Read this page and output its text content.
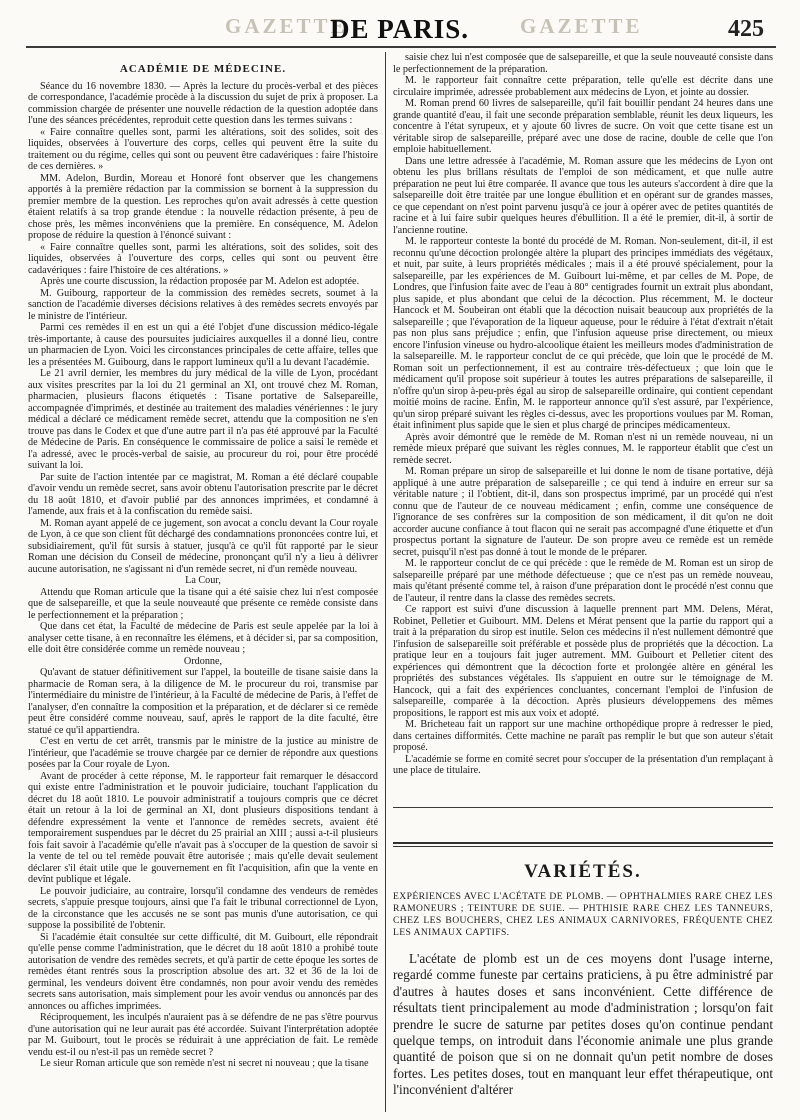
GAZETTE
DE PARIS. GAZETTE	425
ACADÉMIE DE MÉDECINE.

Séance du 16 novembre 1830. — Après la lecture du procès-verbal et des pièces de correspondance, l'académie procède à la discussion du sujet de prix à proposer. La commission chargée de présenter une nouvelle rédaction de la question adoptée dans l'une des séances précédentes, reproduit cette question dans les termes suivans :

« Faire connaître quelles sont, parmi les altérations, soit des solides, soit des liquides, observées à l'ouverture des corps, celles qui peuvent être la suite du traitement ou du régime, celles qui sont ou peuvent être cadavériques : faire l'histoire de ces dernières. »

MM. Adelon, Burdin, Moreau et Honoré font observer que les changemens apportés à la première rédaction par la commission se bornent à la suppression du premier membre de la question. Les reproches qu'on avait adressés à cette question étaient relatifs à sa trop grande étendue : la nouvelle rédaction présente, à peu de chose près, les mêmes inconvéniens que la première. En conséquence, M. Adelon propose de réduire la question à l'énoncé suivant :

« Faire connaître quelles sont, parmi les altérations, soit des solides, soit des liquides, observées à l'ouverture des corps, celles qui sont ou peuvent être cadavériques : faire l'histoire de ces altérations. »

Après une courte discussion, la rédaction proposée par M. Adelon est adoptée.

M. Guibourg, rapporteur de la commission des remèdes secrets, soumet à la sanction de l'académie diverses décisions relatives à des remèdes secrets envoyés par le ministre de l'intérieur.

Parmi ces remèdes il en est un qui a été l'objet d'une discussion médico-légale très-importante, à cause des poursuites judiciaires auxquelles il a donné lieu, contre un pharmacien de Lyon. Voici les circonstances principales de cette affaire, telles que les a présentées M. Guibourg, dans le rapport lumineux qu'il a lu devant l'académie.

Le 21 avril dernier, les membres du jury médical de la ville de Lyon, procédant aux visites prescrites par la loi du 21 germinal an XI, ont trouvé chez M. Roman, pharmacien, plusieurs flacons étiquetés : Tisane portative de Salsepareille, accompagnée d'imprimés, et destinée au traitement des maladies vénériennes : le jury médical a déclaré ce médicament remède secret, attendu que la composition ne s'en trouve pas dans le Codex et que d'une autre part il n'a pas été approuvé par la Faculté de Médecine de Paris. En conséquence le commissaire de police a saisi le remède et l'a adressé, avec le procès-verbal de saisie, au procureur du roi, pour être procédé suivant la loi.

Par suite de l'action intentée par ce magistrat, M. Roman a été déclaré coupable d'avoir vendu un remède secret, sans avoir obtenu l'autorisation prescrite par le décret du 18 août 1810, et d'avoir publié par des annonces imprimées, et condamné à l'amende, aux frais et à la confiscation du remède saisi.

M. Roman ayant appelé de ce jugement, son avocat a conclu devant la Cour royale de Lyon, à ce que son client fût déchargé des condamnations prononcées contre lui, et subsidiairement, qu'il fût sursis à statuer, jusqu'à ce qu'il fût rapporté par le sieur Roman une décision du Conseil de médecine, prononçant qu'il n'y a lieu à délivrer aucune autorisation, ne s'agissant ni d'un remède secret, ni d'un remède nouveau.

La Cour,

Attendu que Roman articule que la tisane qui a été saisie chez lui n'est composée que de salsepareille, et que la seule nouveauté que présente ce remède consiste dans le perfectionnement et la préparation ;

Que dans cet état, la Faculté de médecine de Paris est seule appelée par la loi à analyser cette tisane, à en reconnaître les élémens, et à décider si, par sa composition, elle doit être considérée comme un remède nouveau ;

Ordonne,

Qu'avant de statuer définitivement sur l'appel, la bouteille de tisane saisie dans la pharmacie de Roman sera, à la diligence de M. le procureur du roi, transmise par l'intermédiaire du ministre de l'intérieur, à la Faculté de médecine de Paris, à l'effet de l'analyser, d'en connaître la composition et la préparation, et de déclarer si ce remède peut être considéré comme nouveau, sauf, après le rapport de la dite faculté, être statué ce qu'il appartiendra.

C'est en vertu de cet arrêt, transmis par le ministre de la justice au ministre de l'intérieur, que l'académie se trouve chargée par ce dernier de répondre aux questions posées par la Cour royale de Lyon.

Avant de procéder à cette réponse, M. le rapporteur fait remarquer le désaccord qui existe entre l'administration et le pouvoir judiciaire, touchant l'application du décret du 18 août 1810. Le pouvoir administratif a toujours compris que ce décret était un retour à la loi de germinal an XI, dont plusieurs dispositions tendant à défendre expressément la vente et l'annonce de remèdes secrets, avaient été temporairement suspendues par le décret du 25 prairial an XIII ; aussi a-t-il plusieurs fois fait savoir à l'académie qu'elle n'avait pas à s'occuper de la question de savoir si la vente de tel ou tel remède pouvait être autorisée ; mais qu'elle devait seulement déclarer s'il était utile que le gouvernement en fît l'acquisition, afin que la vente en devînt publique et légale.

Le pouvoir judiciaire, au contraire, lorsqu'il condamne des vendeurs de remèdes secrets, s'appuie presque toujours, ainsi que l'a fait le tribunal correctionnel de Lyon, de la circonstance que les accusés ne se sont pas munis d'une autorisation, ce qui suppose la possibilité de l'obtenir.

Si l'académie était consultée sur cette difficulté, dit M. Guibourt, elle répondrait qu'elle pense comme l'administration, que le décret du 18 août 1810 a prohibé toute autorisation de vendre des remèdes secrets, et qu'à partir de cette époque les sortes de remèdes étant rentrés sous la proscription absolue des art. 32 et 36 de la loi de germinal, les vendeurs doivent être condamnés, non pour avoir vendu des remèdes secrets sans autorisation, mais simplement pour les avoir vendus ou annoncés par des annonces ou affiches imprimées.

Réciproquement, les inculpés n'auraient pas à se défendre de ne pas s'être pourvus d'une autorisation qui ne leur aurait pas été accordée. Suivant l'interprétation adoptée par M. Guibourt, tout le procès se réduirait à une appréciation de fait. Le remède vendu est-il ou n'est-il pas un remède secret ?

Le sieur Roman articule que son remède n'est ni secret ni nouveau ; que la tisane

saisie chez lui n'est composée que de salsepareille, et que la seule nouveauté consiste dans le perfectionnement de la préparation.

M. le rapporteur fait connaître cette préparation, telle qu'elle est décrite dans une circulaire imprimée, adressée probablement aux médecins de Lyon, et jointe au dossier.

M. Roman prend 60 livres de salsepareille, qu'il fait bouillir pendant 24 heures dans une grande quantité d'eau, il fait une seconde préparation semblable, réunit les deux liqueurs, les concentre à l'état syrupeux, et y ajoute 60 livres de sucre. On voit que cette tisane est un véritable sirop de salsepareille, préparé avec une dose de racine, double de celle que l'on emploie habituellement.

Dans une lettre adressée à l'académie, M. Roman assure que les médecins de Lyon ont obtenu les plus brillans résultats de l'emploi de son médicament, et que nulle autre préparation ne peut lui être comparée. Il avance que tous les auteurs s'accordent à dire que la salsepareille doit être traitée par une longue ébullition et en opérant sur de grandes masses, ce que cependant on n'est point parvenu jusqu'à ce jour à opérer avec de petites quantités de racine et à lui faire subir quelques heures d'ébullition. Il a été le premier, dit-il, à sortir de l'ancienne routine.

M. le rapporteur conteste la bonté du procédé de M. Roman. Non-seulement, dit-il, il est reconnu qu'une décoction prolongée altère la plupart des principes immédiats des végétaux, et nuit, par suite, à leurs propriétés médicales ; mais il a été prouvé spécialement, pour la salsepareille, par les expériences de M. Guibourt lui-même, et par celles de M. Pope, de Londres, que l'infusion faite avec de l'eau à 80° centigrades fournit un extrait plus abondant, plus sapide, et plus abondant que celui de la décoction. Plus récemment, M. le docteur Hancock et M. Soubeiran ont établi que la décoction nuisait beaucoup aux propriétés de la salsepareille ; que l'évaporation de la liqueur aqueuse, pour le réduire à l'état d'extrait n'était pas non plus sans préjudice ; enfin, que l'infusion aqueuse prise directement, ou mieux encore l'infusion vineuse ou hydro-alcoolique étaient les meilleurs modes d'administration de la salsepareille. M. le rapporteur conclut de ce qui précède, que loin que le procédé de M. Roman soit un perfectionnement, il est au contraire très-défectueux ; que loin que le médicament qu'il propose soit supérieur à toutes les autres préparations de salsepareille, il n'offre qu'un sirop à-peu-près égal au sirop de salsepareille ordinaire, qui contient cependant moitié moins de racine. Enfin, M. le rapporteur annonce qu'il s'est assuré, par l'expérience, qu'un sirop préparé suivant les règles ci-dessus, avec les proportions voulues par M. Roman, était infiniment plus sapide que le sien et plus chargé de principes médicamenteux.

Après avoir démontré que le remède de M. Roman n'est ni un remède nouveau, ni un remède mieux préparé que suivant les règles connues, M. le rapporteur établit que c'est un remède secret.

M. Roman prépare un sirop de salsepareille et lui donne le nom de tisane portative, déjà appliqué à une autre préparation de salsepareille ; ce qui tend à induire en erreur sur sa véritable nature ; il l'obtient, dit-il, dans son prospectus imprimé, par un procédé qui n'est connu que de l'auteur de ce nouveau médicament ; enfin, comme une conséquence de l'ignorance de ses confrères sur la composition de son médicament, il dit qu'on ne doit accorder aucune confiance à tout flacon qui ne serait pas accompagné d'une étiquette et d'un prospectus portant la signature de l'auteur. De son propre aveu ce remède est un remède secret, puisqu'il n'est pas donné à tout le monde de le préparer.

M. le rapporteur conclut de ce qui précède : que le remède de M. Roman est un sirop de salsepareille préparé par une méthode défectueuse ; que ce n'est pas un remède nouveau, mais qu'étant présenté comme tel, à raison d'une préparation dont le procédé n'est connu que de l'auteur, il rentre dans la classe des remèdes secrets.

Ce rapport est suivi d'une discussion à laquelle prennent part MM. Delens, Mérat, Robinet, Pelletier et Guibourt. MM. Delens et Mérat pensent que la partie du rapport qui a trait à la préparation du sirop est inutile. Selon ces médecins il n'est nullement démontré que l'infusion de salsepareille soit préférable et possède plus de propriétés que la décoction. La pratique leur en a toujours fait juger autrement. MM. Guibourt et Pelletier citent des expériences qui démontrent que la décoction forte et prolongée altère en général les propriétés des substances végétales. Ils s'appuient en outre sur le témoignage de M. Hancock, qui a fait des expériences concluantes, concernant l'emploi de l'infusion de salsepareille, comparée à la décoction. Après plusieurs développemens des mêmes propositions, le rapport est mis aux voix et adopté.

M. Bricheteau fait un rapport sur une machine orthopédique propre à redresser le pied, dans certaines difformités. Cette machine ne paraît pas remplir le but que son auteur s'était proposé.

L'académie se forme en comité secret pour s'occuper de la présentation d'un remplaçant à une place de titulaire.

VARIÉTÉS.
EXPÉRIENCES AVEC L'ACÉTATE DE PLOMB. — OPHTHALMIES RARE CHEZ LES RAMONEURS ; TEINTURE DE SUIE. — PHTHISIE RARE CHEZ LES TANNEURS, CHEZ LES BOUCHERS, CHEZ LES ANIMAUX CARNIVORES, FRÉQUENTE CHEZ LES ANIMAUX CAPTIFS.

L'acétate de plomb est un de ces moyens dont l'usage interne, regardé comme funeste par certains praticiens, à pu être administré par d'autres à hautes doses et sans inconvénient. Cette différence de résultats tient principalement au mode d'administration ; lorsqu'on fait prendre le sucre de saturne par petites doses qu'on continue pendant quelque temps, on introduit dans l'économie animale une plus grande quantité de poison que si on ne donnait qu'un petit nombre de doses fortes. Les petites doses, tout en manquant leur effet thérapeutique, ont l'inconvénient d'altérer
